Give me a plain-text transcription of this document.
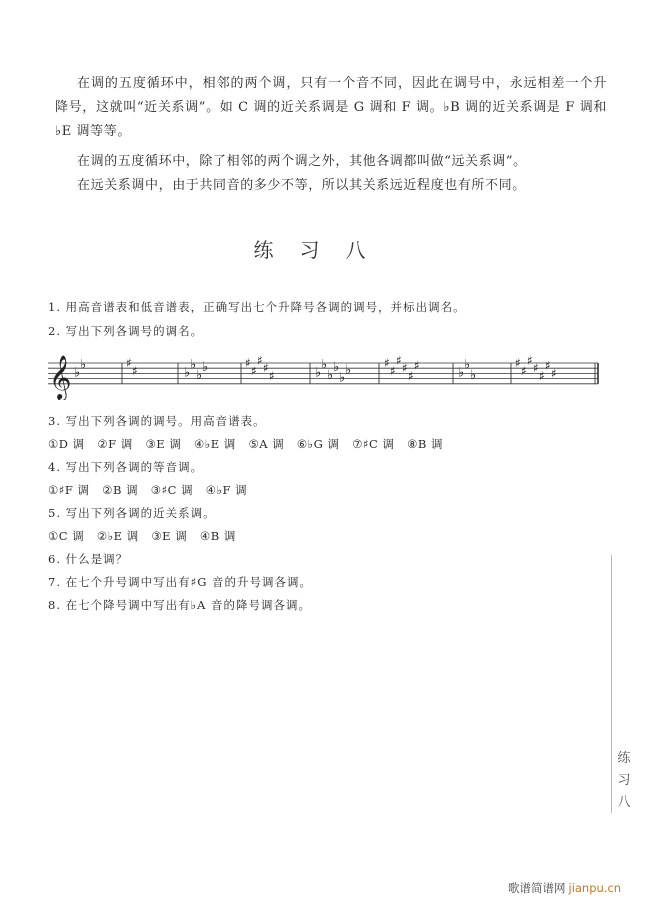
在调的五度循环中，相邻的两个调，只有一个音不同，因此在调号中，永远相差一个升降号，这就叫“近关系调”。如 C 调的近关系调是 G 调和 F 调。♭B 调的近关系调是 F 调和♭E 调等等。

在调的五度循环中，除了相邻的两个调之外，其他各调都叫做“远关系调”。

在远关系调中，由于共同音的多少不等，所以其关系远近程度也有所不同。

练习八
1. 用高音谱表和低音谱表，正确写出七个升降号各调的调号，并标出调名。
2. 写出下列各调号的调名。
𝄞 ♭
♭	♯
♯	♭
♭
♭
♭	♯
♯
♯
♯
♯	♭
♭
♭
♭
♭
♭	♯
♯
♯
♯
♯
♯	♭
♭
♭
♯
♯
♯
♯
♯
♯
♯
3. 写出下列各调的调号。用高音谱表。
①D 调 ②F 调 ③E 调 ④♭E 调 ⑤A 调 ⑥♭G 调 ⑦♯C 调 ⑧B 调
4. 写出下列各调的等音调。
①♯F 调 ②B 调 ③♯C 调 ④♭F 调
5. 写出下列各调的近关系调。
①C 调 ②♭E 调 ③E 调 ④B 调
6. 什么是调？
7. 在七个升号调中写出有♯G 音的升号调各调。
8. 在七个降号调中写出有♭A 音的降号调各调。
练
习
八
歌谱简谱网 jianpu.cn
